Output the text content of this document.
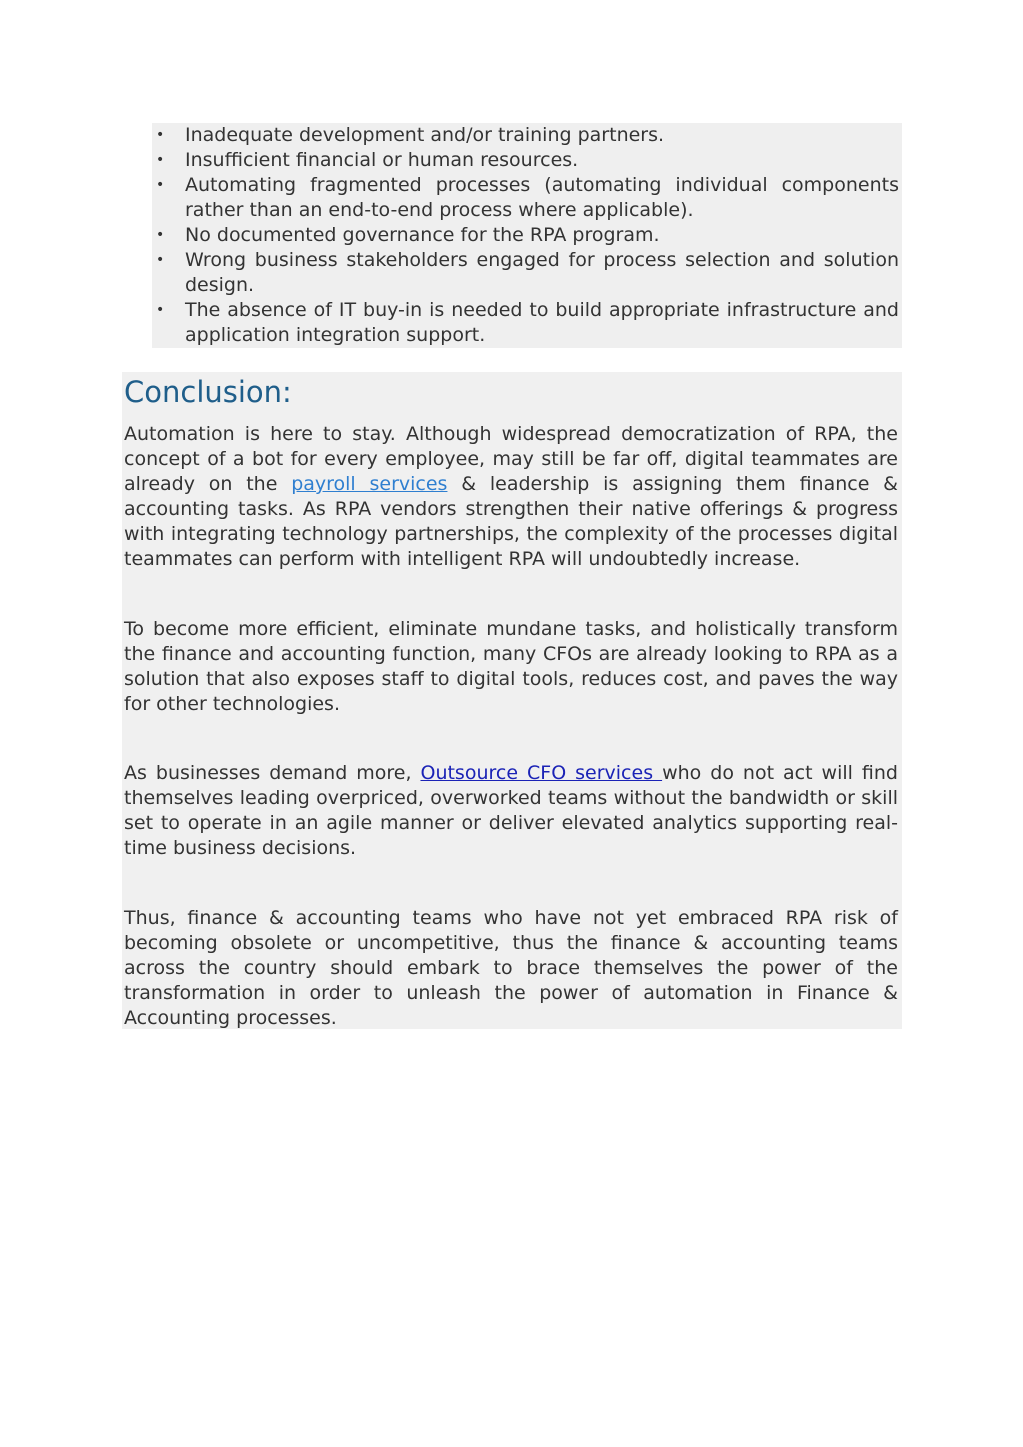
•	Inadequate development and/or training partners.
•	Insufficient financial or human resources.
•	Automating fragmented processes (automating individual components rather than an end-to-end process where applicable).
•	No documented governance for the RPA program.
•	Wrong business stakeholders engaged for process selection and solution design.
•	The absence of IT buy-in is needed to build appropriate infrastructure and application integration support.
Conclusion:

Automation is here to stay. Although widespread democratization of RPA, the concept of a bot for every employee, may still be far off, digital teammates are already on the payroll services & leadership is assigning them finance & accounting tasks. As RPA vendors strengthen their native offerings & progress with integrating technology partnerships, the complexity of the processes digital teammates can perform with intelligent RPA will undoubtedly increase.

To become more efficient, eliminate mundane tasks, and holistically transform the finance and accounting function, many CFOs are already looking to RPA as a solution that also exposes staff to digital tools, reduces cost, and paves the way for other technologies.

As businesses demand more, Outsource CFO services who do not act will find themselves leading overpriced, overworked teams without the bandwidth or skill set to operate in an agile manner or deliver elevated analytics supporting real-time business decisions.

Thus, finance & accounting teams who have not yet embraced RPA risk of becoming obsolete or uncompetitive, thus the finance & accounting teams across the country should embark to brace themselves the power of the transformation in order to unleash the power of automation in Finance & Accounting processes.
